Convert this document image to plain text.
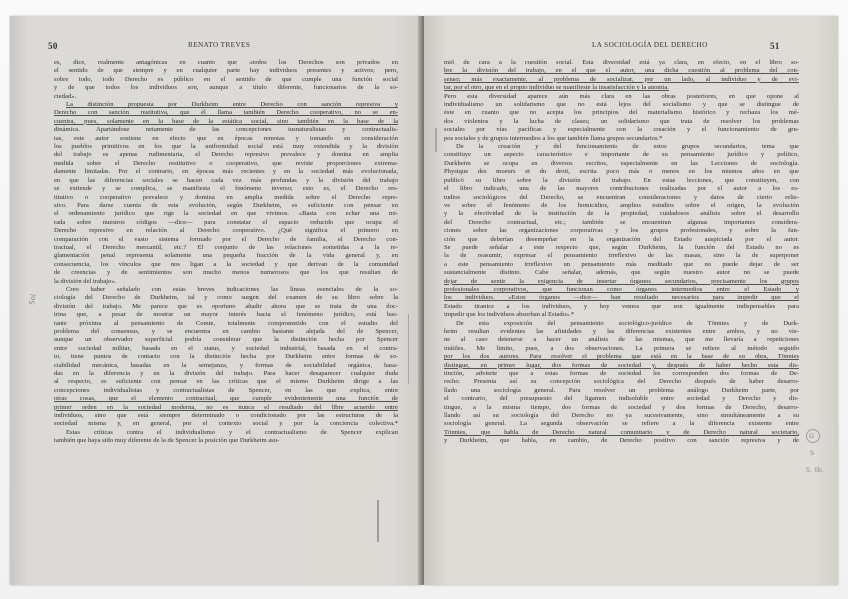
50	RENATO TREVES
es, dice, realmente antagónicas en cuanto que «todos los Derechos son privados en
el sentido de que siempre y en cualquier parte hay individuos presentes y activos; pero,
sobre todo, todo Derecho es público en el sentido de que cumple una función social
y de que todos los individuos son, aunque a título diferente, funcionarios de la so-
ciedad».
La distinción propuesta por Durkheim entre Derecho con sanción represiva y
Derecho con sanción restitutiva, que él llama también Derecho cooperativo, no se en-
cuentra, pues, solamente en la base de la estática social, sino también en la base de la
dinámica. Apartándose netamente de las concepciones iusnaturalistas y contractualis-
tas, este autor sostiene en efecto que en épocas remotas y tomando en consideración
los pueblos primitivos en los que la uniformidad social está muy extendida y la división
del trabajo es apenas rudimentaria, el Derecho represivo prevalece y domina en amplia
medida sobre el Derecho restitutivo o cooperativo, que reviste proporciones extrema-
damente limitadas. Por el contrario, en épocas más recientes y en la sociedad más evolucionada,
en que las diferencias sociales se hacen cada vez más profundas y la división del trabajo
se extiende y se complica, se manifiesta el fenómeno inverso; esto es, el Derecho res-
titutivo o cooperativo prevalece y domina en amplia medida sobre el Derecho repre-
sivo. Para darse cuenta de esta evolución, según Durkheim, es suficiente con pensar en
el ordenamiento jurídico que rige la sociedad en que vivimos. «Basta con echar una mi-
rada sobre nuestros códigos —dice— para constatar el espacio reducido que ocupa el
Derecho represivo en relación al Derecho cooperativo. ¿Qué significa el primero en
comparación con el vasto sistema formado por el Derecho de familia, el Derecho con-
tractual, el Derecho mercantil, etc.? El conjunto de las relaciones sometidas a la re-
glamentación penal representa solamente una pequeña fracción de la vida general y, en
consecuencia, los vínculos que nos ligan a la sociedad y que derivan de la comunidad
de creencias y de sentimientos son mucho menos numerosos que los que resultan de
la división del trabajo».
Creo haber señalado con estas breves indicaciones las líneas esenciales de la so-
ciología del Derecho de Durkheim, tal y como surgen del examen de su libro sobre la
división del trabajo. Me parece que es oportuno añadir ahora que se trata de una doc-
trina que, a pesar de mostrar un mayor interés hacia el fenómeno jurídico, está bas-
tante próxima al pensamiento de Comte, totalmente comprometido con el estudio del
problema del consensus, y se encuentra en cambio bastante alejada del de Spencer,
aunque un observador superficial podría considerar que la distinción hecha por Spencer
entre sociedad militar, basada en el status, y sociedad industrial, basada en el contra-
to, tiene puntos de contacto con la distinción hecha por Durkheim entre formas de so-
ciabilidad mecánica, basadas en la semejanza, y formas de sociabilidad orgánica, basa-
das en la diferencia y en la división del trabajo. Para hacer desaparecer cualquier duda
al respecto, es suficiente con pensar en las críticas que el mismo Durkheim dirige a las
concepciones individualistas y contractualistas de Spencer, en las que explica, entre
otras cosas, que el elemento contractual, que cumple evidentemente una función de
primer orden en la sociedad moderna, no es nunca el resultado del libre acuerdo entre
individuos, sino que está siempre determinado o condicionado por las estructuras de la
sociedad misma y, en general, por el contexto social y por la conciencia colectiva.*
Estas críticas contra el individualismo y el contractualismo de Spencer explican
también que haya sido muy diferente de la de Spencer la posición que Durkheim asu-
Sol
LA SOCIOLOGÍA DEL DERECHO	51
mió de cara a la cuestión social. Esta diversidad está ya clara, en efecto, en el libro so-
bre la división del trabajo, en el que el autor, una dicha cuestión al problema del con-
senso; más exactamente, al problema de socializar, por un lado, al individuo y de evi-
tar, por el otro, que en el propio individuo se manifieste la insatisfacción y la anomia.
Pero esta diversidad aparece aún más clara en las obras posteriores, en que opone al
individualismo un solidarismo que no está lejos del socialismo y que se distingue de
éste en cuanto que no acepta los principios del materialismo histórico y rechaza los mé-
dos violentos y la lucha de clases; un solidarismo que trata de resolver los problemas
sociales por vías pacíficas y especialmente con la creación y el funcionamiento de gru-
pos sociales y de grupos intermedios a los que también llama grupos secundarios.*
De la creación y del funcionamiento de estos grupos secundarios, tema que
constituye un aspecto característico e importante de su pensamiento jurídico y político,
Durkheim se ocupa en diversos escritos, especialmente en las Lecciones de sociología.
Physique des moeurs et du droit, escrita poco más o menos en los mismos años en que
publicó su libro sobre la división del trabajo. En estas lecciones, que constituyen, con
el libro indicado, una de las mayores contribuciones realizadas por el autor a los es-
tudios sociológicos del Derecho, se encuentran consideraciones y datos de cierto relie-
ve sobre el fenómeno de los homicidios, amplios estudios sobre el origen, la evolución
y la efectividad de la institución de la propiedad, cuidadosos análisis sobre el desarrollo
del Derecho contractual, etc.; también se encuentran algunas importantes considera-
ciones sobre las organizaciones corporativas y los grupos profesionales, y sobre la fun-
ción que deberían desempeñar en la organización del Estado auspiciada por el autor.
Se puede señalar a este respecto que, según Durkheim, la función del Estado no es
la de reasumir, expresar el pensamiento irreflexivo de las masas, sino la de superponer
a este pensamiento irreflexivo un pensamiento más meditado que no puede dejar de ser
sustancialmente distinto. Cabe señalar, además, que según nuestro autor no se puede
dejar de sentir la exigencia de insertar órganos secundarios, precisamente los grupos
profesionales corporativos, que funcionan como órganos intermedios entre el Estado y
los individuos. «Estos órganos —dice— han resultado necesarios para impedir que el
Estado tiranice a los individuos, y hoy vemos que son igualmente indispensables para
impedir que los individuos absorban al Estado».*
De esta exposición del pensamiento sociológico-jurídico de Tönnies y de Durk-
heim resultan evidentes las afinidades y las diferencias existentes entre ambos, y no vie-
ne al caso detenerse a hacer un análisis de las mismas, que me llevaría a repeticiones
inútiles. Me limito, pues, a dos observaciones. La primera se refiere al método seguido
por los dos autores. Para resolver el problema que está en la base de su obra, Tönnies
distingue, en primer lugar, dos formas de sociedad y, después de haber hecho esta dis-
tinción, advierte que a estas formas de sociedad les corresponden dos formas de De-
recho. Presenta así su concepción sociológica del Derecho después de haber desarro-
llado una sociología general. Para resolver un problema análogo Durkheim parte, por
el contrario, del presupuesto del ligamen indisoluble entre sociedad y Derecho y dis-
tingue, a la misma tiempo, dos formas de sociedad y dos formas de Derecho, desarro-
llando así su sociología del Derecho no ya sucesivamente, sino simultáneamente a su
sociología general. La segunda observación se refiere a la diferencia existente entre
Tönnies, que habla de Derecho natural comunitario y de Derecho natural societario,
y Durkheim, que habla, en cambio, de Derecho positivo con sanción represiva y de
G
S
5. lib.
